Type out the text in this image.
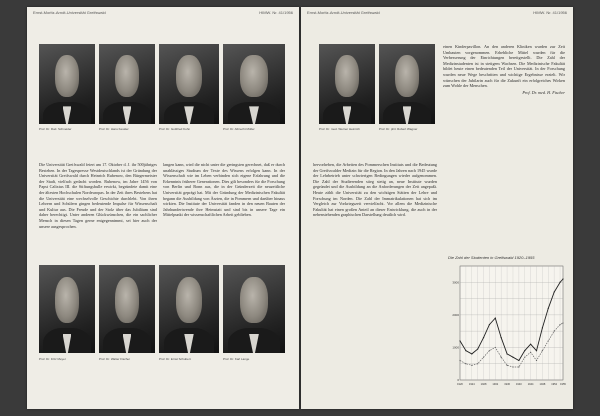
Ernst-Moritz-Arndt-Universität Greifswald	HIMW. Nr. 41/1956
Prof. Dr. Rud. Schneider	Prof. Dr. Hans Kessler	Prof. Dr. Gottfried Kuhn	Prof. Dr. Albrecht Müller

Die Universität Greifswald feiert am 17. Oktober d. J. ihr 500jähriges Bestehen. In der Tagespresse Westdeutschlands ist der Gründung der Universität Greifswald durch Heinrich Rubenow, den Bürgermeister der Stadt, vielfach gedacht worden. Rubenow, im Jahre 1456 von Papst Calixtus III. die Stiftungsbulle erwirkt, begründete damit eine der ältesten Hochschulen Nordeuropas. In der Zeit ihres Bestehens hat die Universität eine wechselvolle Geschichte durchlebt. Von ihren Lehrern und Schülern gingen bedeutende Impulse für Wissenschaft und Kultur aus. Die Freude und der Stolz über das Jubiläum sind daher berechtigt. Unter anderen Glückwünschen, die ein sachlicher Mensch in diesen Tagen gerne entgegennimmt, sei hier auch der unsere ausgesprochen.

langen kann, wird die nicht unter die geringsten gerechnet, daß er durch unablässiges Studium der Texte des Wissens erfolgen kann. In der Wissenschaft wie im Leben verbinden sich eigene Erfahrung und die Erkenntnis früherer Generationen. Dies gilt besonders für die Forschung von Berlin und Bonn aus, die in der Gründerzeit die neuzeitliche Universität geprägt hat. Mit der Gründung der Medizinischen Fakultät begann die Ausbildung von Ärzten, die in Pommern und darüber hinaus wirkten. Die Institute der Universität fanden in den neuen Bauten der Jahrhundertwende ihre Heimstatt und sind bis in unsere Tage ein Mittelpunkt der wissenschaftlichen Arbeit geblieben.

Prof. Dr. Fritz Meyer	Prof. Dr. Walter Fischer	Prof. Dr. Ernst Schubert	Prof. Dr. Karl Lange
Ernst-Moritz-Arndt-Universität Greifswald	HIMW. Nr. 41/1956
Prof. Dr. med. Werner Heinrich	Prof. Dr. phil. Robert Wagner

hervorheben, die Arbeiten des Pommerschen Instituts und die Bedeutung der Greifswalder Medizin für die Region. In den Jahren nach 1945 wurde der Lehrbetrieb unter schwierigen Bedingungen wieder aufgenommen. Die Zahl der Studierenden stieg stetig an, neue Institute wurden gegründet und die Ausbildung an die Anforderungen der Zeit angepaßt. Heute zählt die Universität zu den wichtigen Stätten der Lehre und Forschung im Norden. Die Zahl der Immatrikulationen hat sich im Vergleich zur Vorkriegszeit vervielfacht. Vor allem die Medizinische Fakultät hat einen großen Anteil an dieser Entwicklung, die auch in der nebenstehenden graphischen Darstellung deutlich wird.

einen Kinderpavillon. An den anderen Kliniken wurden zur Zeit Umbauten vorgenommen. Erhebliche Mittel wurden für die Verbesserung der Einrichtungen bereitgestellt. Die Zahl der Medizinstudenten ist in stetigem Wachsen. Die Medizinische Fakultät bildet heute einen bedeutenden Teil der Universität. In der Forschung wurden neue Wege beschritten und wichtige Ergebnisse erzielt. Wir wünschen der Jubilarin auch für die Zukunft ein erfolgreiches Wirken zum Wohle der Menschen.

Prof. Dr. med. H. Fischer

Die Zahl der Studenten in Greifswald 1920–1955
0
1000
2000
3000
1920 1924 1928 1932 1936 1940 1944 1948 1952 1955
